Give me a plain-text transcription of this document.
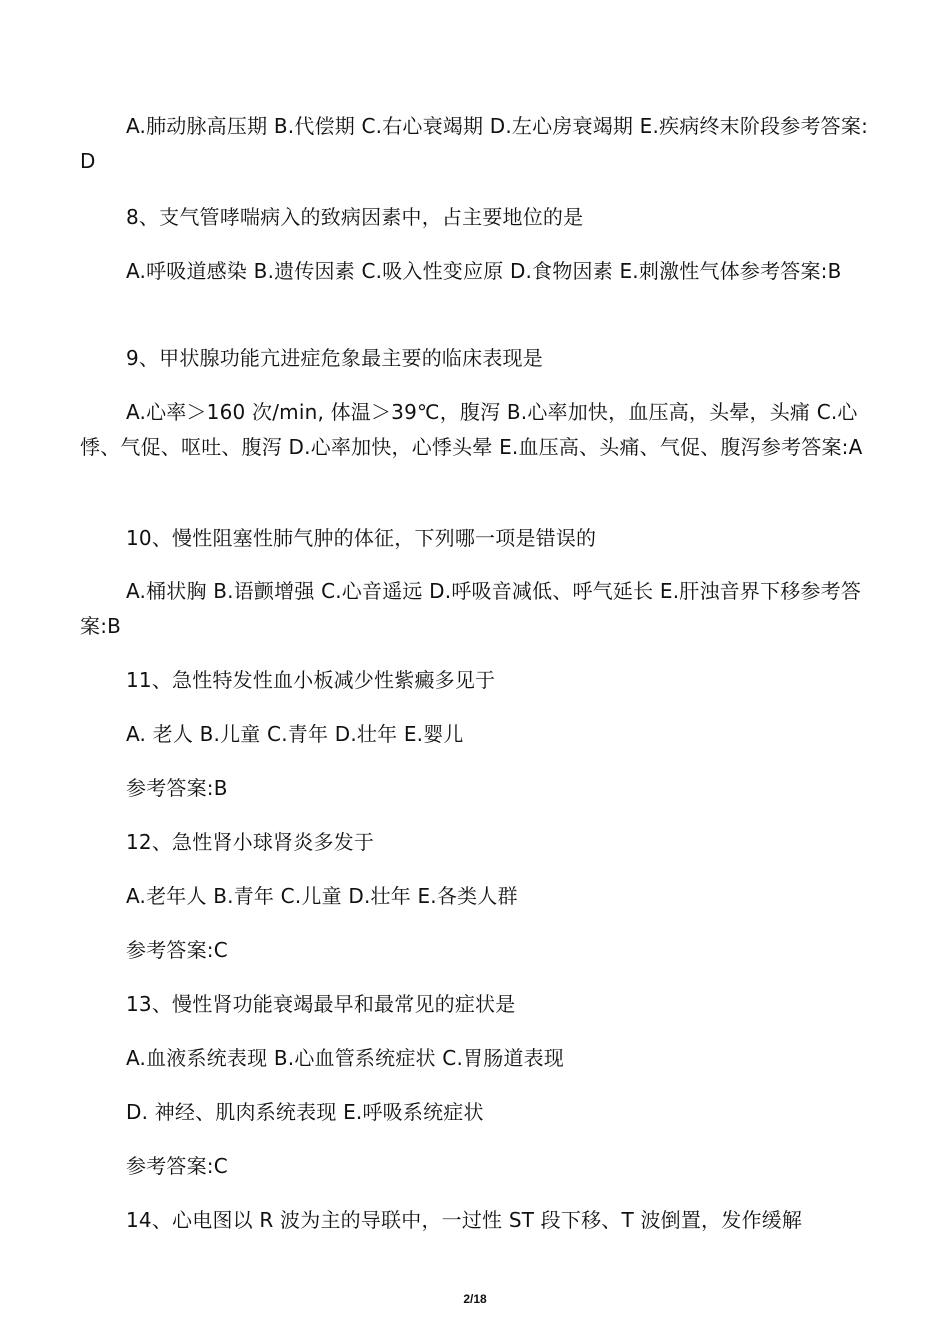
A.肺动脉高压期 B.代偿期 C.右心衰竭期 D.左心房衰竭期 E.疾病终末阶段参考答案:D
8、支气管哮喘病入的致病因素中，占主要地位的是
A.呼吸道感染 B.遗传因素 C.吸入性变应原 D.食物因素 E.刺激性气体参考答案:B
9、甲状腺功能亢进症危象最主要的临床表现是
A.心率＞160 次/min, 体温＞39℃，腹泻 B.心率加快，血压高，头晕，头痛 C.心悸、气促、呕吐、腹泻 D.心率加快，心悸头晕 E.血压高、头痛、气促、腹泻参考答案:A
10、慢性阻塞性肺气肿的体征，下列哪一项是错误的
A.桶状胸 B.语颤增强 C.心音遥远 D.呼吸音减低、呼气延长 E.肝浊音界下移参考答案:B
11、急性特发性血小板减少性紫癜多见于
A. 老人 B.儿童 C.青年 D.壮年 E.婴儿
参考答案:B
12、急性肾小球肾炎多发于
A.老年人 B.青年 C.儿童 D.壮年 E.各类人群
参考答案:C
13、慢性肾功能衰竭最早和最常见的症状是
A.血液系统表现 B.心血管系统症状 C.胃肠道表现
D. 神经、肌肉系统表现 E.呼吸系统症状
参考答案:C
14、心电图以 R 波为主的导联中，一过性 ST 段下移、T 波倒置，发作缓解
2/18
